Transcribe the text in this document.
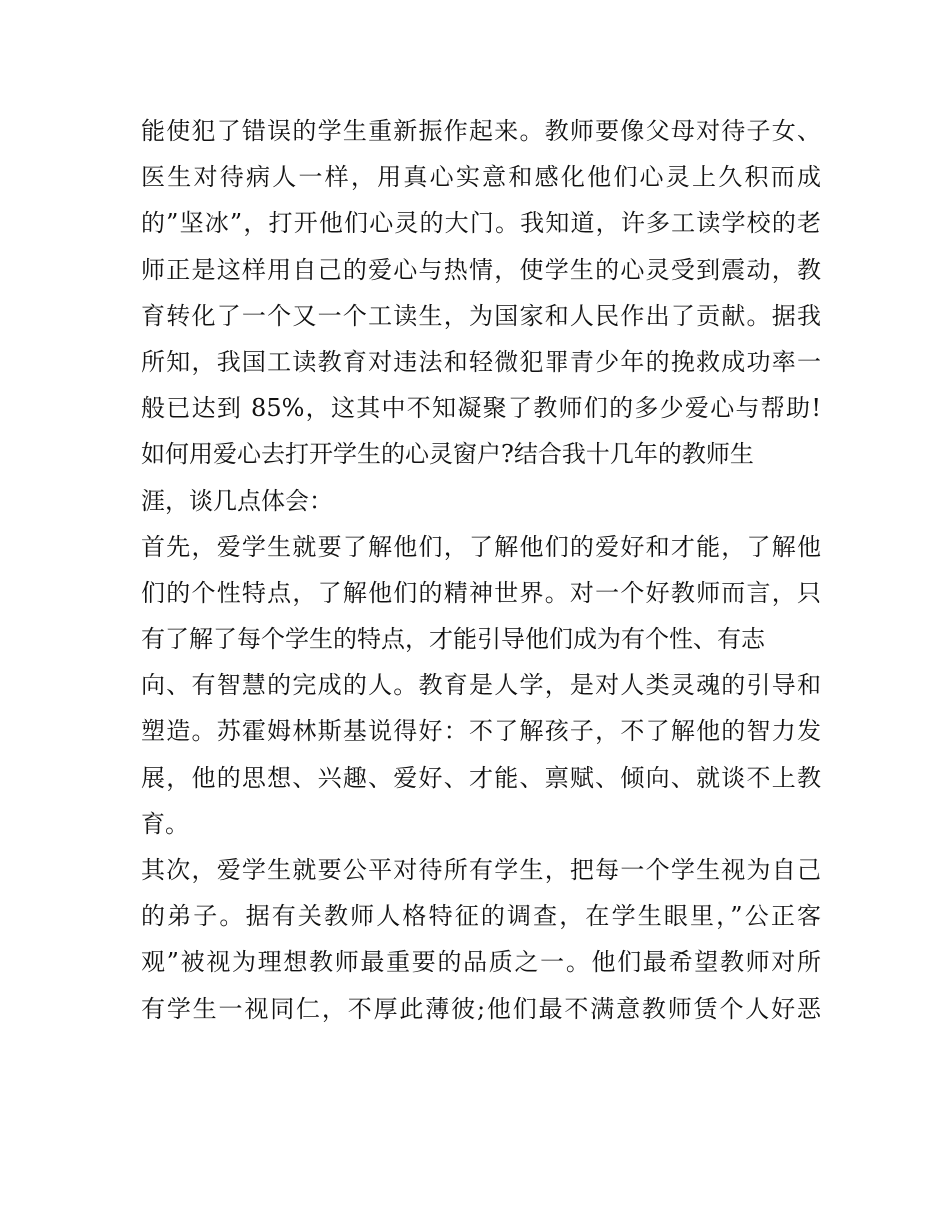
能使犯了错误的学生重新振作起来。教师要像父母对待子女、
医生对待病人一样，用真心实意和感化他们心灵上久积而成
的”坚冰”，打开他们心灵的大门。我知道，许多工读学校的老
师正是这样用自己的爱心与热情，使学生的心灵受到震动，教
育转化了一个又一个工读生，为国家和人民作出了贡献。据我
所知，我国工读教育对违法和轻微犯罪青少年的挽救成功率一
般已达到 85%，这其中不知凝聚了教师们的多少爱心与帮助!
如何用爱心去打开学生的心灵窗户?结合我十几年的教师生
涯，谈几点体会：
首先，爱学生就要了解他们，了解他们的爱好和才能，了解他
们的个性特点，了解他们的精神世界。对一个好教师而言，只
有了解了每个学生的特点，才能引导他们成为有个性、有志
向、有智慧的完成的人。教育是人学，是对人类灵魂的引导和
塑造。苏霍姆林斯基说得好：不了解孩子，不了解他的智力发
展，他的思想、兴趣、爱好、才能、禀赋、倾向、就谈不上教
育。
其次，爱学生就要公平对待所有学生，把每一个学生视为自己
的弟子。据有关教师人格特征的调查，在学生眼里，”公正客
观”被视为理想教师最重要的品质之一。他们最希望教师对所
有学生一视同仁，不厚此薄彼;他们最不满意教师赁个人好恶
